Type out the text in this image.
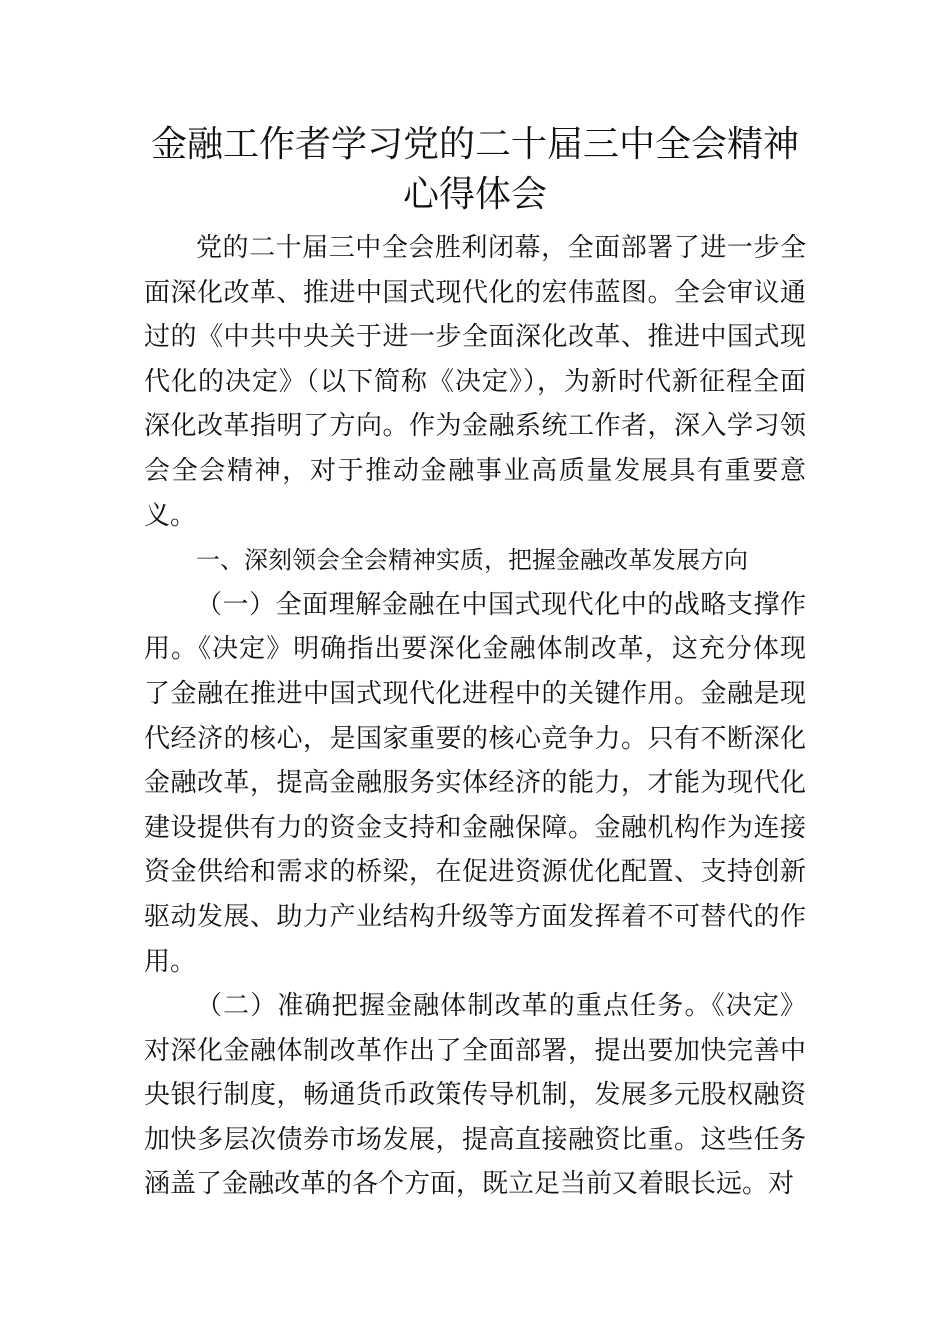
金融工作者学习党的二十届三中全会精神
心得体会

党的二十届三中全会胜利闭幕，全面部署了进一步全面深化改革、推进中国式现代化的宏伟蓝图。全会审议通过的《中共中央关于进一步全面深化改革、推进中国式现代化的决定》（以下简称《决定》），为新时代新征程全面深化改革指明了方向。作为金融系统工作者，深入学习领会全会精神，对于推动金融事业高质量发展具有重要意义。

一、深刻领会全会精神实质，把握金融改革发展方向

（一）全面理解金融在中国式现代化中的战略支撑作用。《决定》明确指出要深化金融体制改革，这充分体现了金融在推进中国式现代化进程中的关键作用。金融是现代经济的核心，是国家重要的核心竞争力。只有不断深化金融改革，提高金融服务实体经济的能力，才能为现代化建设提供有力的资金支持和金融保障。金融机构作为连接资金供给和需求的桥梁，在促进资源优化配置、支持创新驱动发展、助力产业结构升级等方面发挥着不可替代的作用。

（二）准确把握金融体制改革的重点任务。《决定》对深化金融体制改革作出了全面部署，提出要加快完善中央银行制度，畅通货币政策传导机制，发展多元股权融资加快多层次债券市场发展，提高直接融资比重。这些任务涵盖了金融改革的各个方面，既立足当前又着眼长远。对
